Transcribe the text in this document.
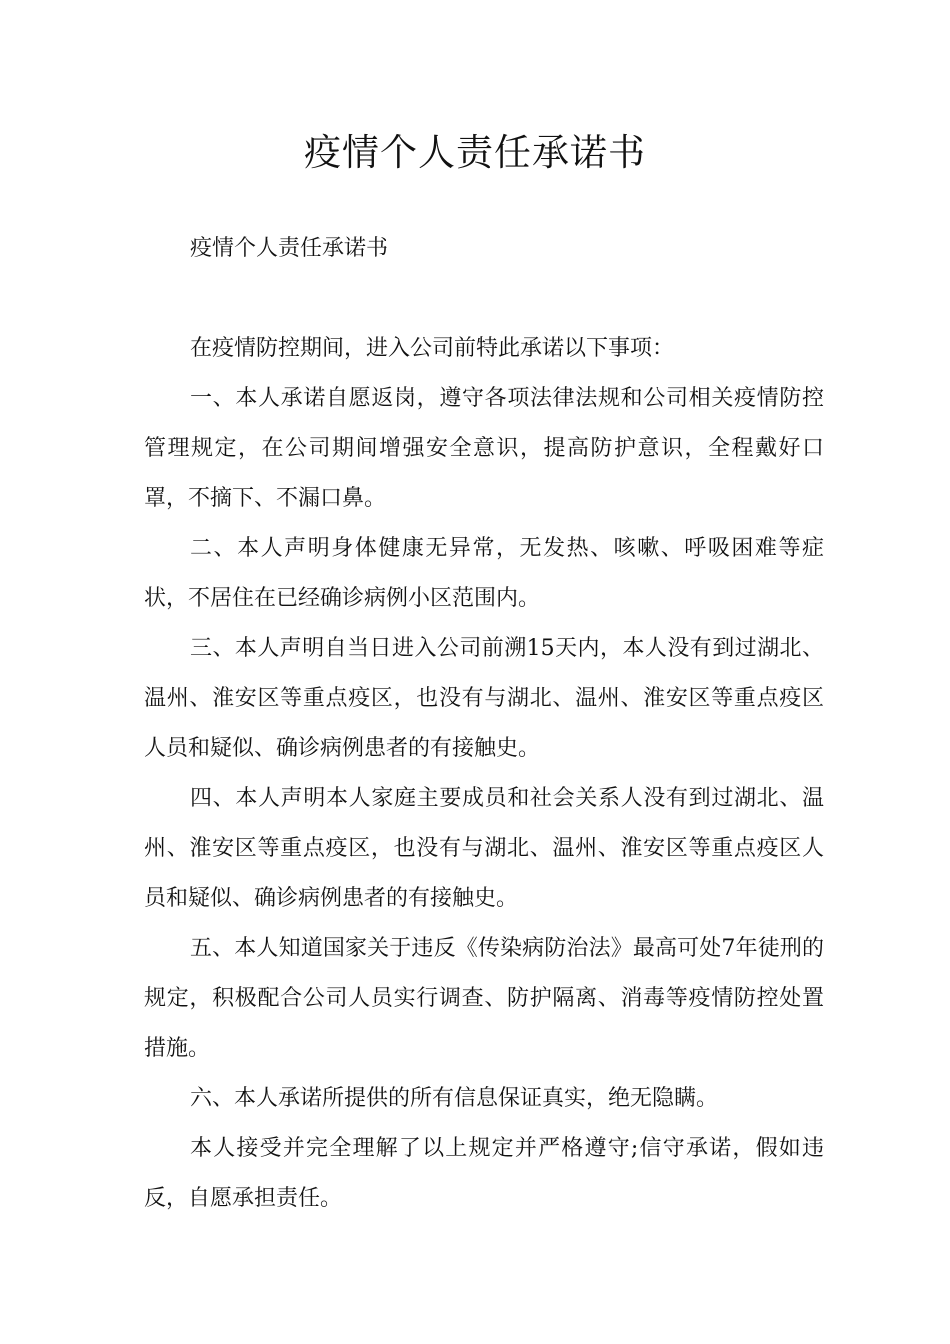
疫情个人责任承诺书

疫情个人责任承诺书

在疫情防控期间，进入公司前特此承诺以下事项：

一、本人承诺自愿返岗，遵守各项法律法规和公司相关疫情防控管理规定，在公司期间增强安全意识，提高防护意识，全程戴好口罩，不摘下、不漏口鼻。

二、本人声明身体健康无异常，无发热、咳嗽、呼吸困难等症状，不居住在已经确诊病例小区范围内。

三、本人声明自当日进入公司前溯15天内，本人没有到过湖北、温州、淮安区等重点疫区，也没有与湖北、温州、淮安区等重点疫区人员和疑似、确诊病例患者的有接触史。

四、本人声明本人家庭主要成员和社会关系人没有到过湖北、温州、淮安区等重点疫区，也没有与湖北、温州、淮安区等重点疫区人员和疑似、确诊病例患者的有接触史。

五、本人知道国家关于违反《传染病防治法》最高可处7年徒刑的规定，积极配合公司人员实行调查、防护隔离、消毒等疫情防控处置措施。

六、本人承诺所提供的所有信息保证真实，绝无隐瞒。

本人接受并完全理解了以上规定并严格遵守;信守承诺，假如违反，自愿承担责任。
